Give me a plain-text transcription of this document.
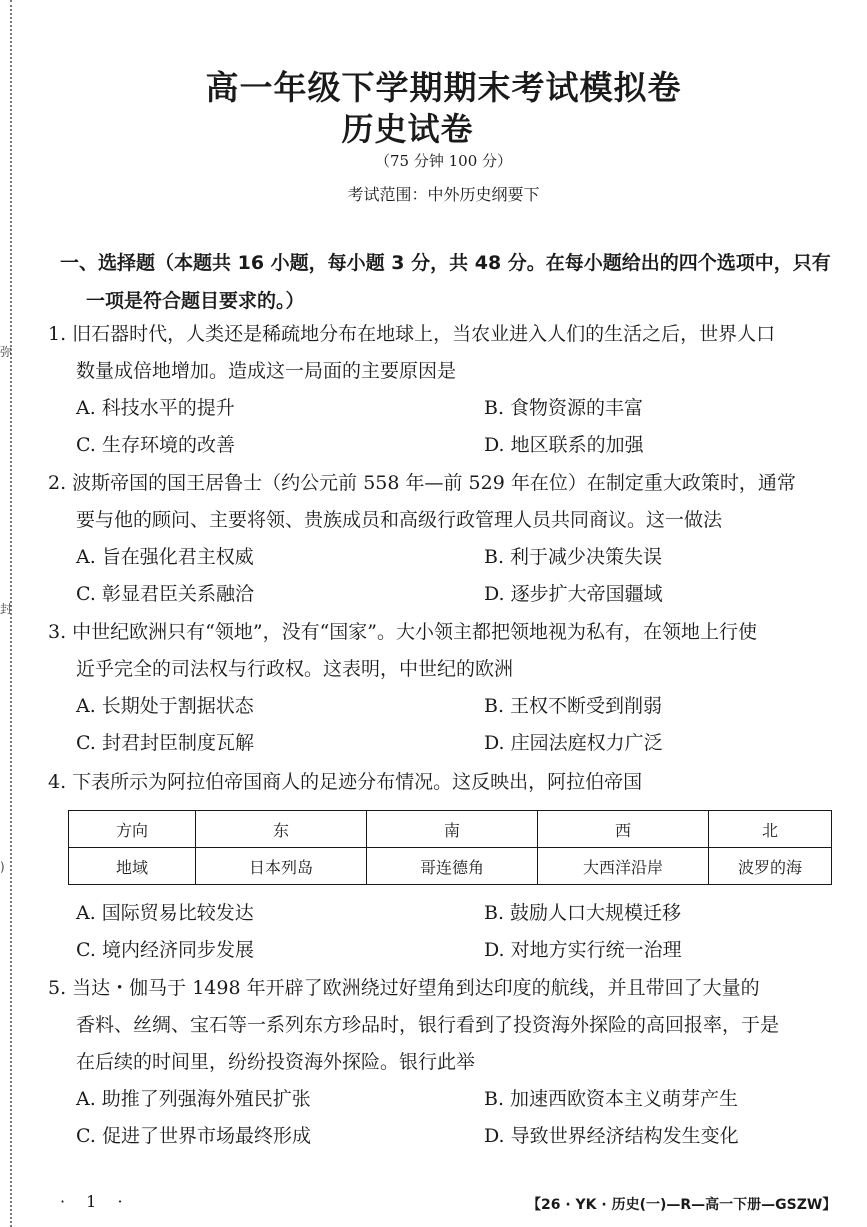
弥
封
)
高一年级下学期期末考试模拟卷
历史试卷
（75 分钟 100 分）
考试范围：中外历史纲要下
一、选择题（本题共 16 小题，每小题 3 分，共 48 分。在每小题给出的四个选项中，只有
一项是符合题目要求的。）
1. 旧石器时代，人类还是稀疏地分布在地球上，当农业进入人们的生活之后，世界人口
数量成倍地增加。造成这一局面的主要原因是
A. 科技水平的提升	B. 食物资源的丰富
C. 生存环境的改善	D. 地区联系的加强
2. 波斯帝国的国王居鲁士（约公元前 558 年—前 529 年在位）在制定重大政策时，通常
要与他的顾问、主要将领、贵族成员和高级行政管理人员共同商议。这一做法
A. 旨在强化君主权威	B. 利于减少决策失误
C. 彰显君臣关系融洽	D. 逐步扩大帝国疆域
3. 中世纪欧洲只有“领地”，没有“国家”。大小领主都把领地视为私有，在领地上行使
近乎完全的司法权与行政权。这表明，中世纪的欧洲
A. 长期处于割据状态	B. 王权不断受到削弱
C. 封君封臣制度瓦解	D. 庄园法庭权力广泛
4. 下表所示为阿拉伯帝国商人的足迹分布情况。这反映出，阿拉伯帝国
方向	东	南	西	北
地域	日本列岛	哥连德角	大西洋沿岸	波罗的海
A. 国际贸易比较发达	B. 鼓励人口大规模迁移
C. 境内经济同步发展	D. 对地方实行统一治理
5. 当达・伽马于 1498 年开辟了欧洲绕过好望角到达印度的航线，并且带回了大量的
香料、丝绸、宝石等一系列东方珍品时，银行看到了投资海外探险的高回报率，于是
在后续的时间里，纷纷投资海外探险。银行此举
A. 助推了列强海外殖民扩张	B. 加速西欧资本主义萌芽产生
C. 促进了世界市场最终形成	D. 导致世界经济结构发生变化
· 1 ·	【26 · YK · 历史(一)—R—高一下册—GSZW】
